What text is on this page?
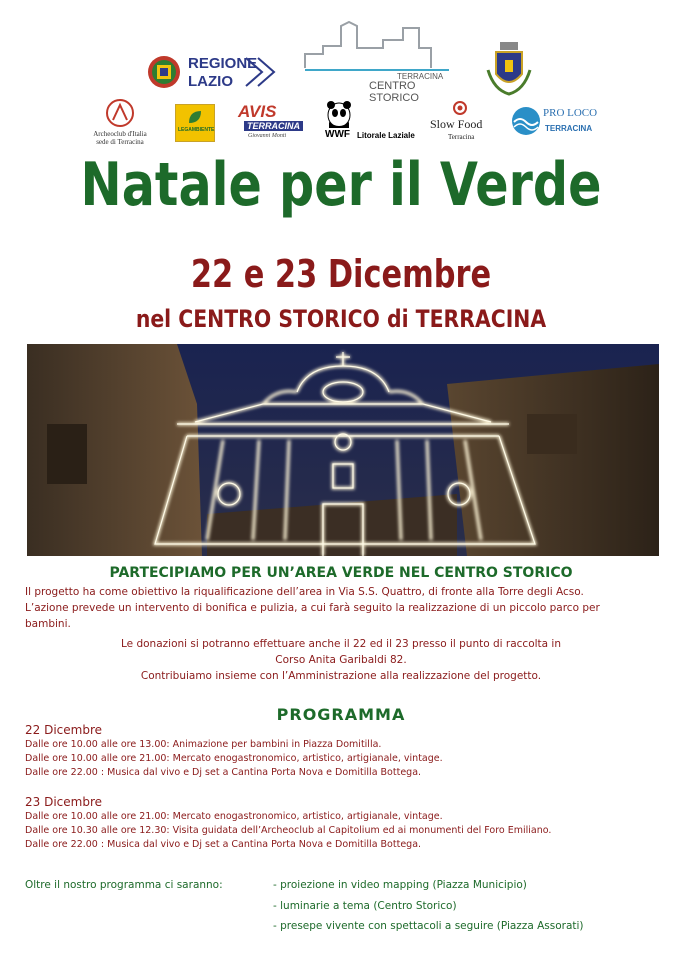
REGIONE
LAZIO	TERRACINA
CENTRO STORICO
Archeoclub d'Italia
sede di Terracina
LEGAMBIENTE
AVIS
TERRACINA
Giovanni Monti	WWF Litorale Laziale
Slow Food
Terracina
PRO LOCO
TERRACINA
Natale per il Verde
22 e 23 Dicembre
nel CENTRO STORICO di TERRACINA
PARTECIPIAMO PER UN’AREA VERDE NEL CENTRO STORICO
Il progetto ha come obiettivo la riqualificazione dell’area in Via S.S. Quattro, di fronte alla Torre degli Acso.
L’azione prevede un intervento di bonifica e pulizia, a cui farà seguito la realizzazione di un piccolo parco per
bambini.
Le donazioni si potranno effettuare anche il 22 ed il 23 presso il punto di raccolta in
Corso Anita Garibaldi 82.
Contribuiamo insieme con l’Amministrazione alla realizzazione del progetto.
PROGRAMMA
22 Dicembre
Dalle ore 10.00 alle ore 13.00: Animazione per bambini in Piazza Domitilla.
Dalle ore 10.00 alle ore 21.00: Mercato enogastronomico, artistico, artigianale, vintage.
Dalle ore 22.00 : Musica dal vivo e Dj set a Cantina Porta Nova e Domitilla Bottega.
23 Dicembre
Dalle ore 10.00 alle ore 21.00: Mercato enogastronomico, artistico, artigianale, vintage.
Dalle ore 10.30 alle ore 12.30: Visita guidata dell’Archeoclub al Capitolium ed ai monumenti del Foro Emiliano.
Dalle ore 22.00 : Musica dal vivo e Dj set a Cantina Porta Nova e Domitilla Bottega.
Oltre il nostro programma ci saranno:	- proiezione in video mapping (Piazza Municipio)
- luminarie a tema (Centro Storico)
- presepe vivente con spettacoli a seguire (Piazza Assorati)
